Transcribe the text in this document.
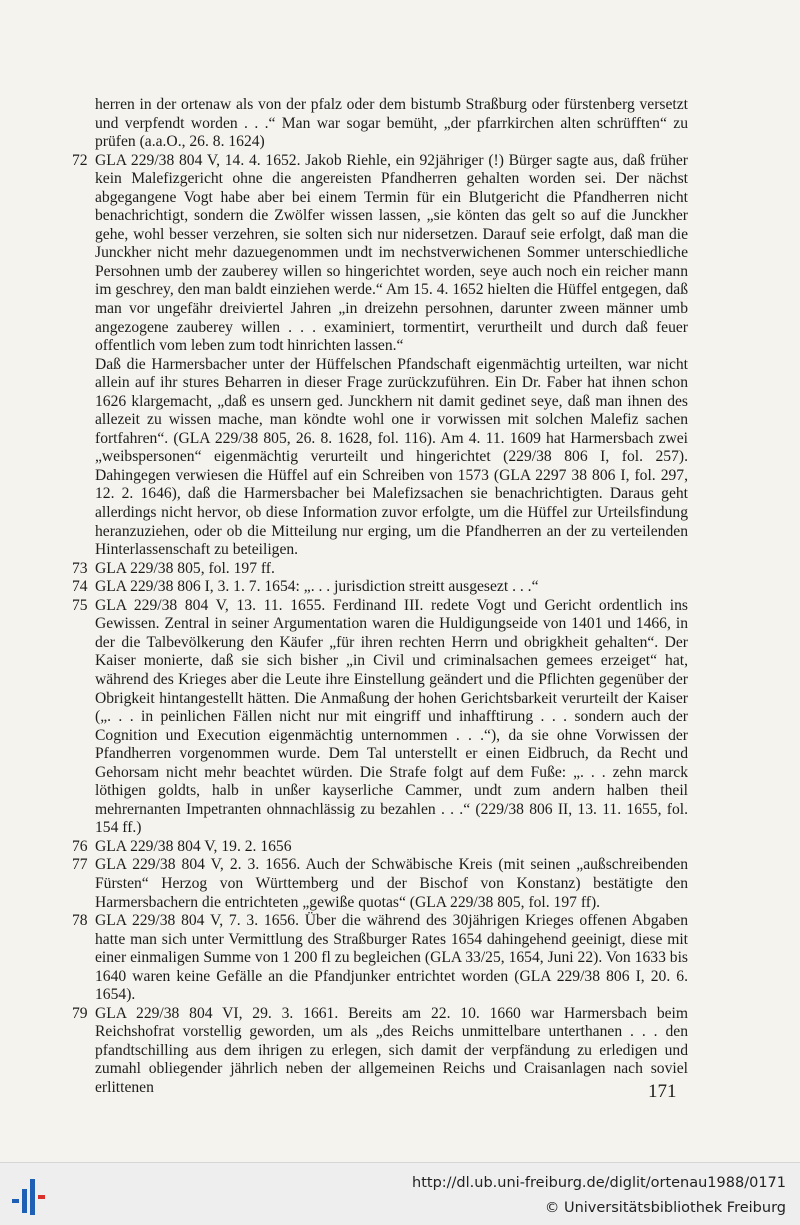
herren in der ortenaw als von der pfalz oder dem bistumb Straßburg oder fürstenberg versetzt und verpfendt worden . . .“ Man war sogar bemüht, „der pfarrkirchen alten schrüfften“ zu prüfen (a.a.O., 26. 8. 1624)

72 GLA 229/38 804 V, 14. 4. 1652. Jakob Riehle, ein 92jähriger (!) Bürger sagte aus, daß früher kein Malefizgericht ohne die angereisten Pfandherren gehalten worden sei. Der nächst abgegangene Vogt habe aber bei einem Termin für ein Blutgericht die Pfandherren nicht benachrichtigt, sondern die Zwölfer wissen lassen, „sie könten das gelt so auf die Junckher gehe, wohl besser verzehren, sie solten sich nur nidersetzen. Darauf seie erfolgt, daß man die Junckher nicht mehr dazuegenommen undt im nechstverwichenen Sommer unterschiedliche Persohnen umb der zauberey willen so hingerichtet worden, seye auch noch ein reicher mann im geschrey, den man baldt einziehen werde.“ Am 15. 4. 1652 hielten die Hüffel entgegen, daß man vor ungefähr dreiviertel Jahren „in dreizehn persohnen, darunter zween männer umb angezogene zauberey willen . . . examiniert, tormentirt, verurtheilt und durch daß feuer offentlich vom leben zum todt hinrichten lassen.“
Daß die Harmersbacher unter der Hüffelschen Pfandschaft eigenmächtig urteilten, war nicht allein auf ihr stures Beharren in dieser Frage zurückzuführen. Ein Dr. Faber hat ihnen schon 1626 klargemacht, „daß es unsern ged. Junckhern nit damit gedinet seye, daß man ihnen des allezeit zu wissen mache, man köndte wohl one ir vorwissen mit solchen Malefiz sachen fortfahren“. (GLA 229/38 805, 26. 8. 1628, fol. 116). Am 4. 11. 1609 hat Harmersbach zwei „weibspersonen“ eigenmächtig verurteilt und hingerichtet (229/38 806 I, fol. 257). Dahingegen verwiesen die Hüffel auf ein Schreiben von 1573 (GLA 2297 38 806 I, fol. 297, 12. 2. 1646), daß die Harmersbacher bei Malefizsachen sie benachrichtigten. Daraus geht allerdings nicht hervor, ob diese Information zuvor erfolgte, um die Hüffel zur Urteilsfindung heranzuziehen, oder ob die Mitteilung nur erging, um die Pfandherren an der zu verteilenden Hinterlassenschaft zu beteiligen.
73 GLA 229/38 805, fol. 197 ff.
74 GLA 229/38 806 I, 3. 1. 7. 1654: „. . . jurisdiction streitt ausgesezt . . .“
75 GLA 229/38 804 V, 13. 11. 1655. Ferdinand III. redete Vogt und Gericht ordentlich ins Gewissen. Zentral in seiner Argumentation waren die Huldigungseide von 1401 und 1466, in der die Talbevölkerung den Käufer „für ihren rechten Herrn und obrigkheit gehalten“. Der Kaiser monierte, daß sie sich bisher „in Civil und criminalsachen gemees erzeiget“ hat, während des Krieges aber die Leute ihre Einstellung geändert und die Pflichten gegenüber der Obrigkeit hintangestellt hätten. Die Anmaßung der hohen Gerichtsbarkeit verurteilt der Kaiser („. . . in peinlichen Fällen nicht nur mit eingriff und inhafftirung . . . sondern auch der Cognition und Execution eigenmächtig unternommen . . .“), da sie ohne Vorwissen der Pfandherren vorgenommen wurde. Dem Tal unterstellt er einen Eidbruch, da Recht und Gehorsam nicht mehr beachtet würden. Die Strafe folgt auf dem Fuße: „. . . zehn marck löthigen goldts, halb in unßer kayserliche Cammer, undt zum andern halben theil mehrernanten Impetranten ohnnachlässig zu bezahlen . . .“ (229/38 806 II, 13. 11. 1655, fol. 154 ff.)
76 GLA 229/38 804 V, 19. 2. 1656
77 GLA 229/38 804 V, 2. 3. 1656. Auch der Schwäbische Kreis (mit seinen „außschreibenden Fürsten“ Herzog von Württemberg und der Bischof von Konstanz) bestätigte den Harmersbachern die entrichteten „gewiße quotas“ (GLA 229/38 805, fol. 197 ff).
78 GLA 229/38 804 V, 7. 3. 1656. Über die während des 30jährigen Krieges offenen Abgaben hatte man sich unter Vermittlung des Straßburger Rates 1654 dahingehend geeinigt, diese mit einer einmaligen Summe von 1 200 fl zu begleichen (GLA 33/25, 1654, Juni 22). Von 1633 bis 1640 waren keine Gefälle an die Pfandjunker entrichtet worden (GLA 229/38 806 I, 20. 6. 1654).
79 GLA 229/38 804 VI, 29. 3. 1661. Bereits am 22. 10. 1660 war Harmersbach beim Reichshofrat vorstellig geworden, um als „des Reichs unmittelbare unterthanen . . . den pfandtschilling aus dem ihrigen zu erlegen, sich damit der verpfändung zu erledigen und zumahl obliegender jährlich neben der allgemeinen Reichs und Craisanlagen nach soviel erlittenen	171
http://dl.ub.uni-freiburg.de/diglit/ortenau1988/0171
© Universitätsbibliothek Freiburg
